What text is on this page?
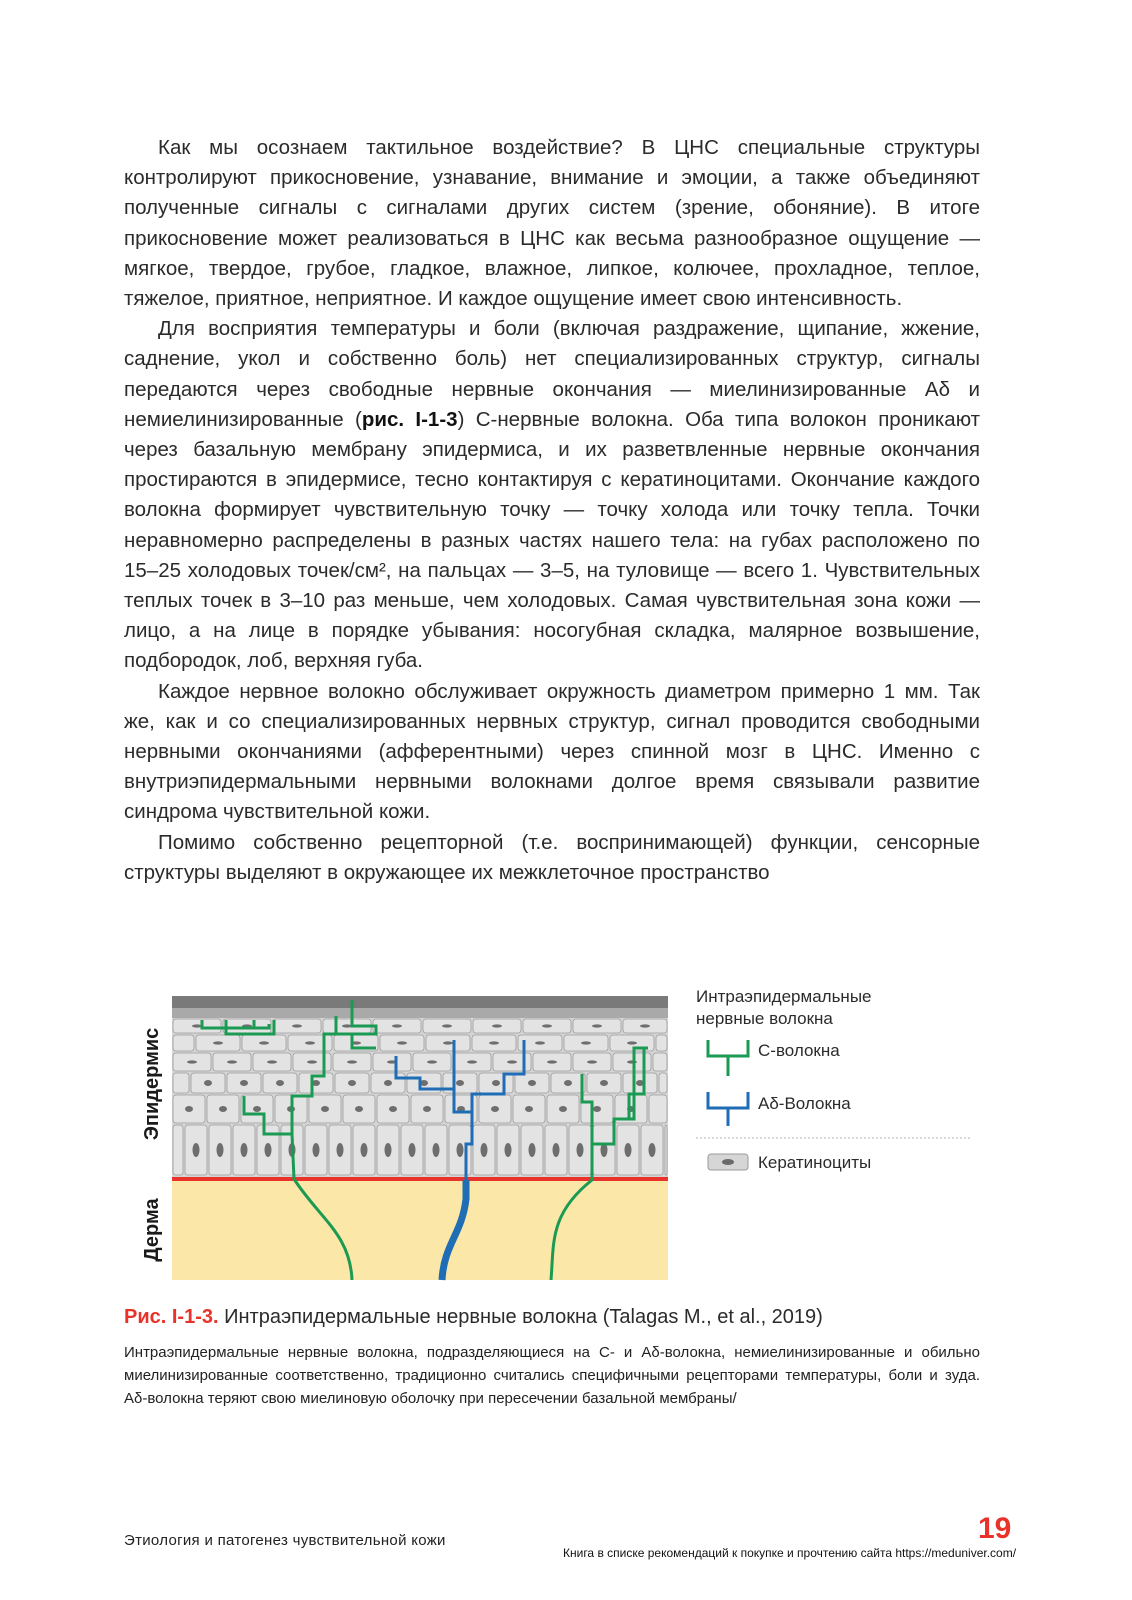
Как мы осознаем тактильное воздействие? В ЦНС специальные структуры контролируют прикосновение, узнавание, внимание и эмоции, а также объединяют полученные сигналы с сигналами других систем (зрение, обоняние). В итоге прикосновение может реализоваться в ЦНС как весьма разнообразное ощущение — мягкое, твердое, грубое, гладкое, влажное, липкое, колючее, прохладное, теплое, тяжелое, приятное, неприятное. И каждое ощущение имеет свою интенсивность.

Для восприятия температуры и боли (включая раздражение, щипание, жжение, саднение, укол и собственно боль) нет специализированных структур, сигналы передаются через свободные нервные окончания — миелинизированные Аδ и немиелинизированные (рис. I-1-3) С-нервные волокна. Оба типа волокон проникают через базальную мембрану эпидермиса, и их разветвленные нервные окончания простираются в эпидермисе, тесно контактируя с кератиноцитами. Окончание каждого волокна формирует чувствительную точку — точку холода или точку тепла. Точки неравномерно распределены в разных частях нашего тела: на губах расположено по 15–25 холодовых точек/см², на пальцах — 3–5, на туловище — всего 1. Чувствительных теплых точек в 3–10 раз меньше, чем холодовых. Самая чувствительная зона кожи — лицо, а на лице в порядке убывания: носогубная складка, малярное возвышение, подбородок, лоб, верхняя губа.

Каждое нервное волокно обслуживает окружность диаметром примерно 1 мм. Так же, как и со специализированных нервных структур, сигнал проводится свободными нервными окончаниями (афферентными) через спинной мозг в ЦНС. Именно с внутриэпидермальными нервными волокнами долгое время связывали развитие синдрома чувствительной кожи.

Помимо собственно рецепторной (т.е. воспринимающей) функции, сенсорные структуры выделяют в окружающее их межклеточное пространство

Эпидермис
Дерма
Интраэпидермальные
нервные волокна
С-волокна
Аδ-Волокна
Кератиноциты
Рис. I-1-3. Интраэпидермальные нервные волокна (Talagas M., et al., 2019)
Интраэпидермальные нервные волокна, подразделяющиеся на С- и Аδ-волокна, немиелинизированные и обильно миелинизированные соответственно, традиционно считались специфичными рецепторами температуры, боли и зуда. Аδ-волокна теряют свою миелиновую оболочку при пересечении базальной мембраны/
Этиология и патогенез чувствительной кожи	19
Книга в списке рекомендаций к покупке и прочтению сайта https://meduniver.com/
